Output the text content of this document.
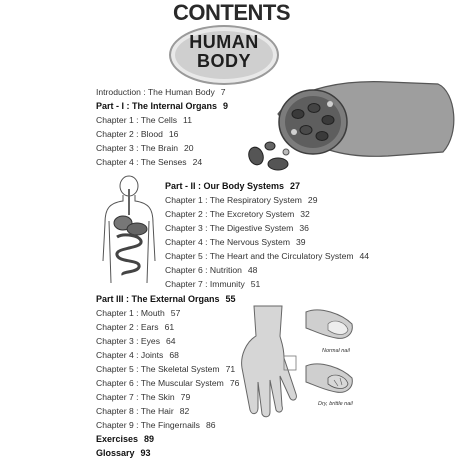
CONTENTS
HUMAN
BODY
Normal nail
Dry, brittle nail
Introduction : The Human Body 7
Part - I : The Internal Organs 9
Chapter 1 : The Cells 11
Chapter 2 : Blood 16
Chapter 3 : The Brain 20
Chapter 4 : The Senses 24
Part - II : Our Body Systems 27
Chapter 1 : The Respiratory System 29
Chapter 2 : The Excretory System 32
Chapter 3 : The Digestive System 36
Chapter 4 : The Nervous System 39
Chapter 5 : The Heart and the Circulatory System 44
Chapter 6 : Nutrition 48
Chapter 7 : Immunity 51
Part III : The External Organs 55
Chapter 1 : Mouth 57
Chapter 2 : Ears 61
Chapter 3 : Eyes 64
Chapter 4 : Joints 68
Chapter 5 : The Skeletal System 71
Chapter 6 : The Muscular System 76
Chapter 7 : The Skin 79
Chapter 8 : The Hair 82
Chapter 9 : The Fingernails 86
Exercises 89
Glossary 93
